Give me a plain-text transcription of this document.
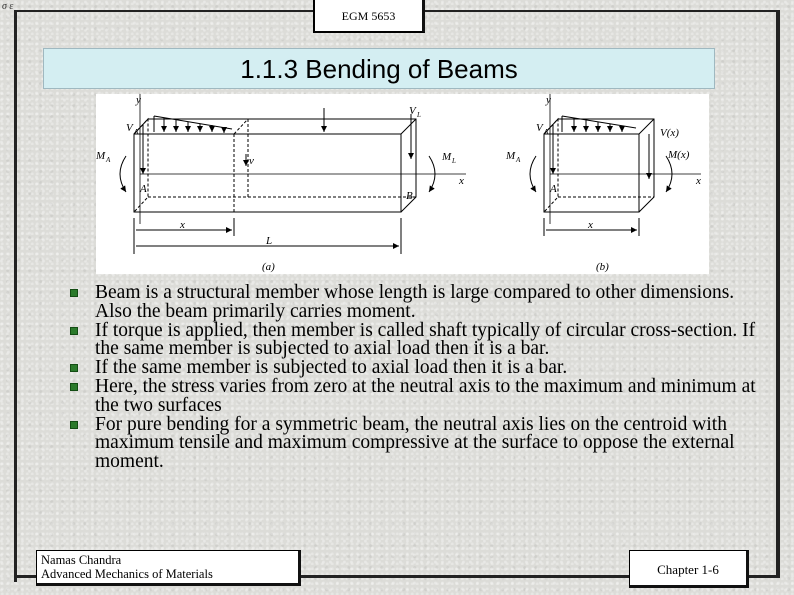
σ ε
EGM 5653
1.1.3 Bending of Beams
y
V A
M A
A
v
V L
M L
B
x
x
L
(a)
y
V A
M A
A
V(x)
M(x)
x
x
(b)
Beam is a structural member whose length is large compared to other dimensions. Also the beam primarily carries moment.
If torque is applied, then member is called shaft typically of circular cross-section. If the same member is subjected to axial load then it is a bar.
If the same member is subjected to axial load then it is a bar.
Here, the stress varies from zero at the neutral axis to the maximum and minimum at the two surfaces
For pure bending for a symmetric beam, the neutral axis lies on the centroid with maximum tensile and maximum compressive at the surface to oppose the external moment.
Namas Chandra
Advanced Mechanics of Materials	Chapter 1-6
